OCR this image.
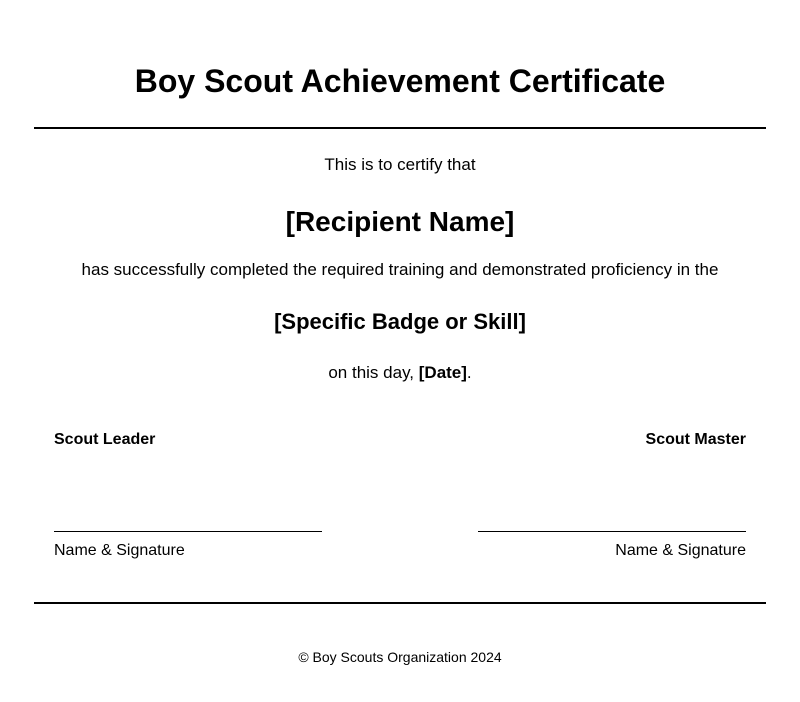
Boy Scout Achievement Certificate
This is to certify that
[Recipient Name]
has successfully completed the required training and demonstrated proficiency in the
[Specific Badge or Skill]
on this day, [Date].
Scout Leader
Name & Signature
Scout Master
Name & Signature
© Boy Scouts Organization 2024
